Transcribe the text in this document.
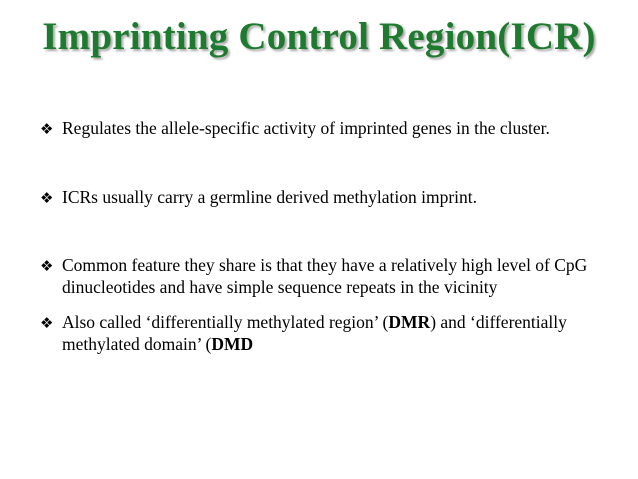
Imprinting Control Region(ICR)
❖ Regulates the allele-specific activity of imprinted genes in the cluster.
❖ ICRs usually carry a germline derived methylation imprint.
❖ Common feature they share is that they have a relatively high level of CpG dinucleotides and have simple sequence repeats in the vicinity
❖ Also called ‘differentially methylated region’ (DMR) and ‘differentially methylated domain’ (DMD
